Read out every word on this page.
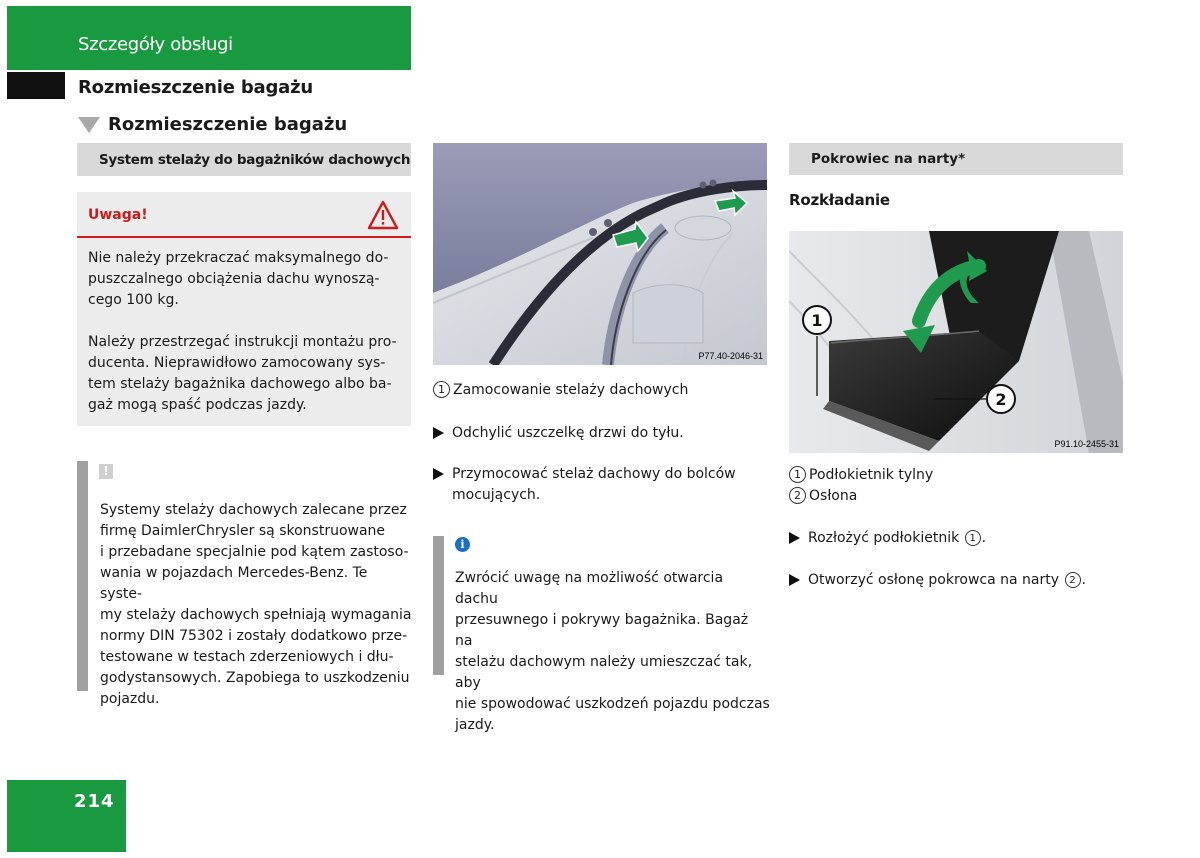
Szczegóły obsługi
Rozmieszczenie bagażu
Rozmieszczenie bagażu
System stelaży do bagażników dachowych
Uwaga!
Nie należy przekraczać maksymalnego do-
puszczalnego obciążenia dachu wynoszą-
cego 100 kg.
Należy przestrzegać instrukcji montażu pro-
ducenta. Nieprawidłowo zamocowany sys-
tem stelaży bagażnika dachowego albo ba-
gaż mogą spaść podczas jazdy.
!
Systemy stelaży dachowych zalecane przez
firmę DaimlerChrysler są skonstruowane
i przebadane specjalnie pod kątem zastoso-
wania w pojazdach Mercedes-Benz. Te syste-
my stelaży dachowych spełniają wymagania
normy DIN 75302 i zostały dodatkowo prze-
testowane w testach zderzeniowych i dłu-
godystansowych. Zapobiega to uszkodzeniu
pojazdu.
P77.40-2046-31
1 Zamocowanie stelaży dachowych
Odchylić uszczelkę drzwi do tyłu.
Przymocować stelaż dachowy do bolców
mocujących.
i
Zwrócić uwagę na możliwość otwarcia dachu
przesuwnego i pokrywy bagażnika. Bagaż na
stelażu dachowym należy umieszczać tak, aby
nie spowodować uszkodzeń pojazdu podczas
jazdy.
Pokrowiec na narty*
Rozkładanie
1
2
P91.10-2455-31
1 Podłokietnik tylny
2 Osłona
Rozłożyć podłokietnik 1 .
Otworzyć osłonę pokrowca na narty 2 .
214
